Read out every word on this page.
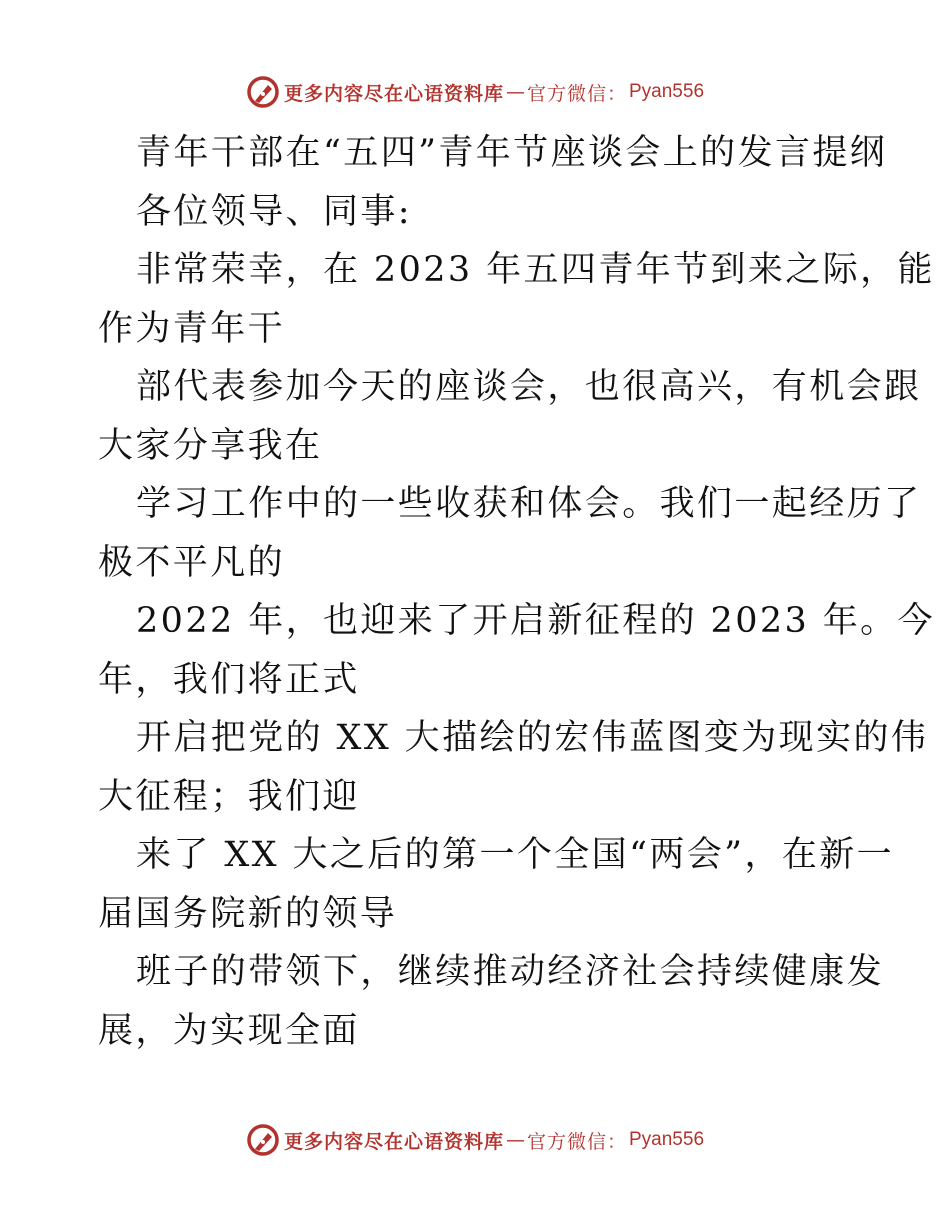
更多内容尽在心语资料库 — 官方微信： Pyan556
青年干部在“五四”青年节座谈会上的发言提纲
各位领导、同事:
非常荣幸，在 2023 年五四青年节到来之际，能
作为青年干
部代表参加今天的座谈会，也很高兴，有机会跟
大家分享我在
学习工作中的一些收获和体会。我们一起经历了
极不平凡的
2022 年，也迎来了开启新征程的 2023 年。今
年，我们将正式
开启把党的 XX 大描绘的宏伟蓝图变为现实的伟
大征程；我们迎
来了 XX 大之后的第一个全国“两会”，在新一
届国务院新的领导
班子的带领下，继续推动经济社会持续健康发
展，为实现全面
更多内容尽在心语资料库 — 官方微信： Pyan556
